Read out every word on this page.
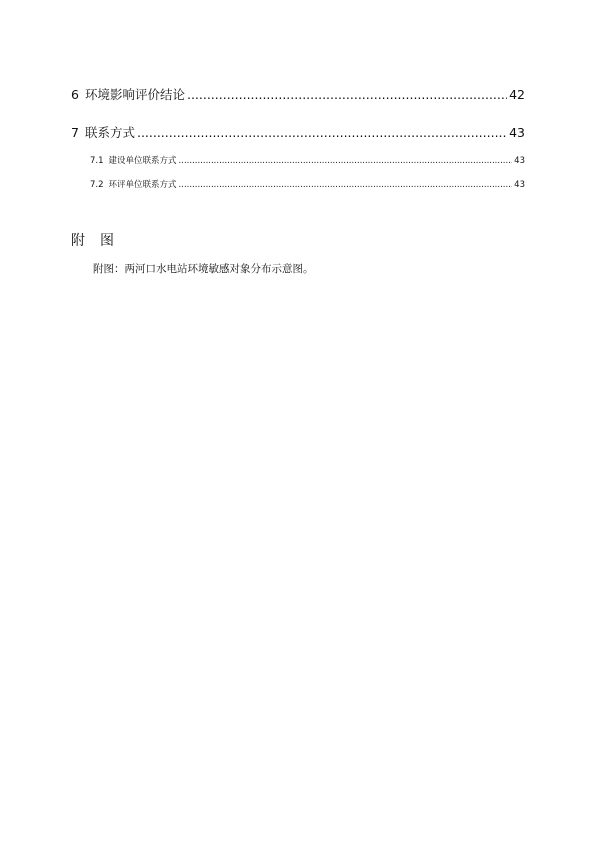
6 环境影响评价结论 .....	42
7 联系方式 .....	43
7.1 建设单位联系方式 .....	43
7.2 环评单位联系方式 .....	43
附图
附图：两河口水电站环境敏感对象分布示意图。
